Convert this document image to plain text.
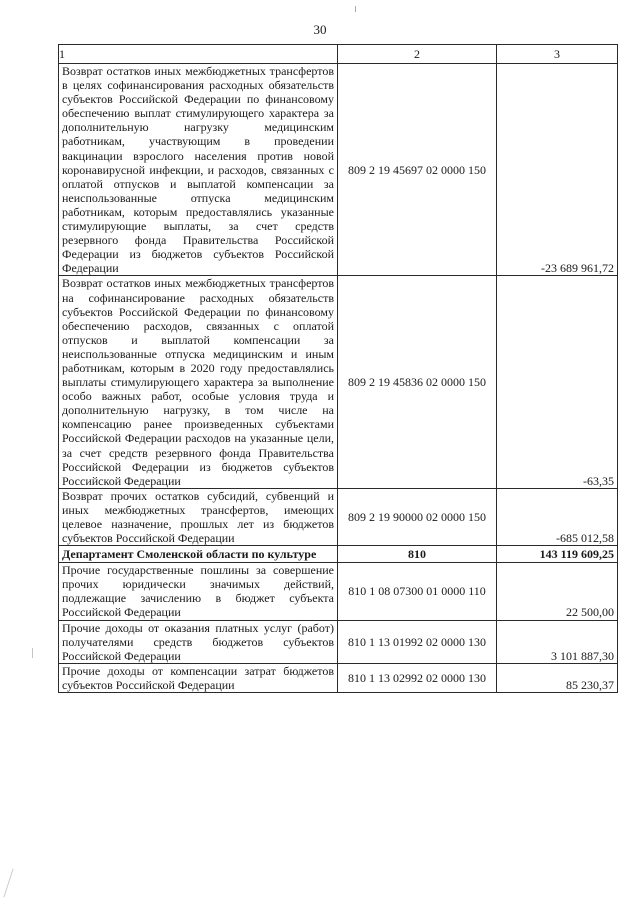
30
1	2	3
Возврат остатков иных межбюджетных трансфертов в целях софинансирования расходных обязательств субъектов Российской Федерации по финансовому обеспечению выплат стимулирующего характера за дополнительную нагрузку медицинским работникам, участвующим в проведении вакцинации взрослого населения против новой коронавирусной инфекции, и расходов, связанных с оплатой отпусков и выплатой компенсации за неиспользованные отпуска медицинским работникам, которым предоставлялись указанные стимулирующие выплаты, за счет средств резервного фонда Правительства Российской Федерации из бюджетов субъектов Российской Федерации	809 2 19 45697 02 0000 150	-23 689 961,72
Возврат остатков иных межбюджетных трансфертов на софинансирование расходных обязательств субъектов Российской Федерации по финансовому обеспечению расходов, связанных с оплатой отпусков и выплатой компенсации за неиспользованные отпуска медицинским и иным работникам, которым в 2020 году предоставлялись выплаты стимулирующего характера за выполнение особо важных работ, особые условия труда и дополнительную нагрузку, в том числе на компенсацию ранее произведенных субъектами Российской Федерации расходов на указанные цели, за счет средств резервного фонда Правительства Российской Федерации из бюджетов субъектов Российской Федерации	809 2 19 45836 02 0000 150	-63,35
Возврат прочих остатков субсидий, субвенций и иных межбюджетных трансфертов, имеющих целевое назначение, прошлых лет из бюджетов субъектов Российской Федерации	809 2 19 90000 02 0000 150	-685 012,58
Департамент Смоленской области по культуре	810	143 119 609,25
Прочие государственные пошлины за совершение прочих юридически значимых действий, подлежащие зачислению в бюджет субъекта Российской Федерации	810 1 08 07300 01 0000 110	22 500,00
Прочие доходы от оказания платных услуг (работ) получателями средств бюджетов субъектов Российской Федерации	810 1 13 01992 02 0000 130	3 101 887,30
Прочие доходы от компенсации затрат бюджетов субъектов Российской Федерации	810 1 13 02992 02 0000 130	85 230,37
